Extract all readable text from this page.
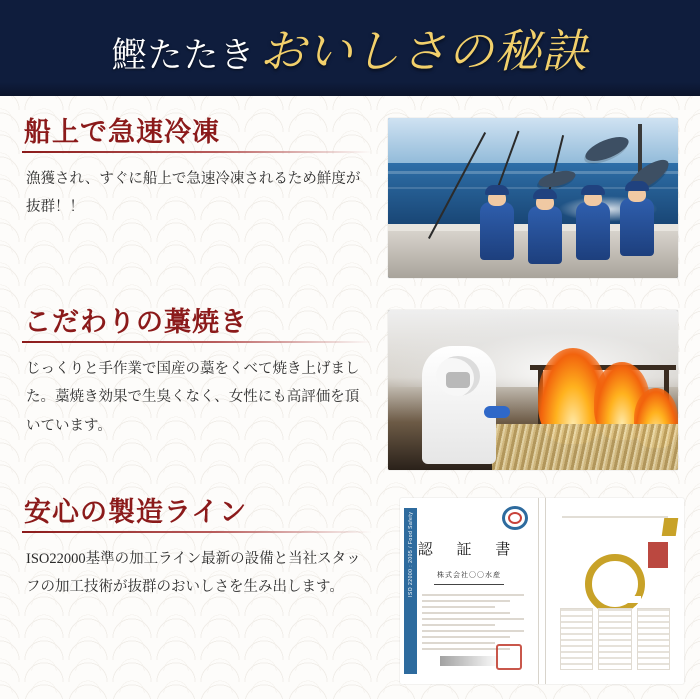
鰹たたき おいしさの秘訣
船上で急速冷凍

漁獲され、すぐに船上で急速冷凍されるため鮮度が抜群！！

こだわりの藁焼き

じっくりと手作業で国産の藁をくべて焼き上げました。藁焼き効果で生臭くなく、女性にも高評価を頂いています。

安心の製造ライン

ISO22000基準の加工ライン最新の設備と当社スタッフの加工技術が抜群のおいしさを生み出します。	ISO 22000 : 2005 / Food Safety 認 証 書
株式会社〇〇水産
